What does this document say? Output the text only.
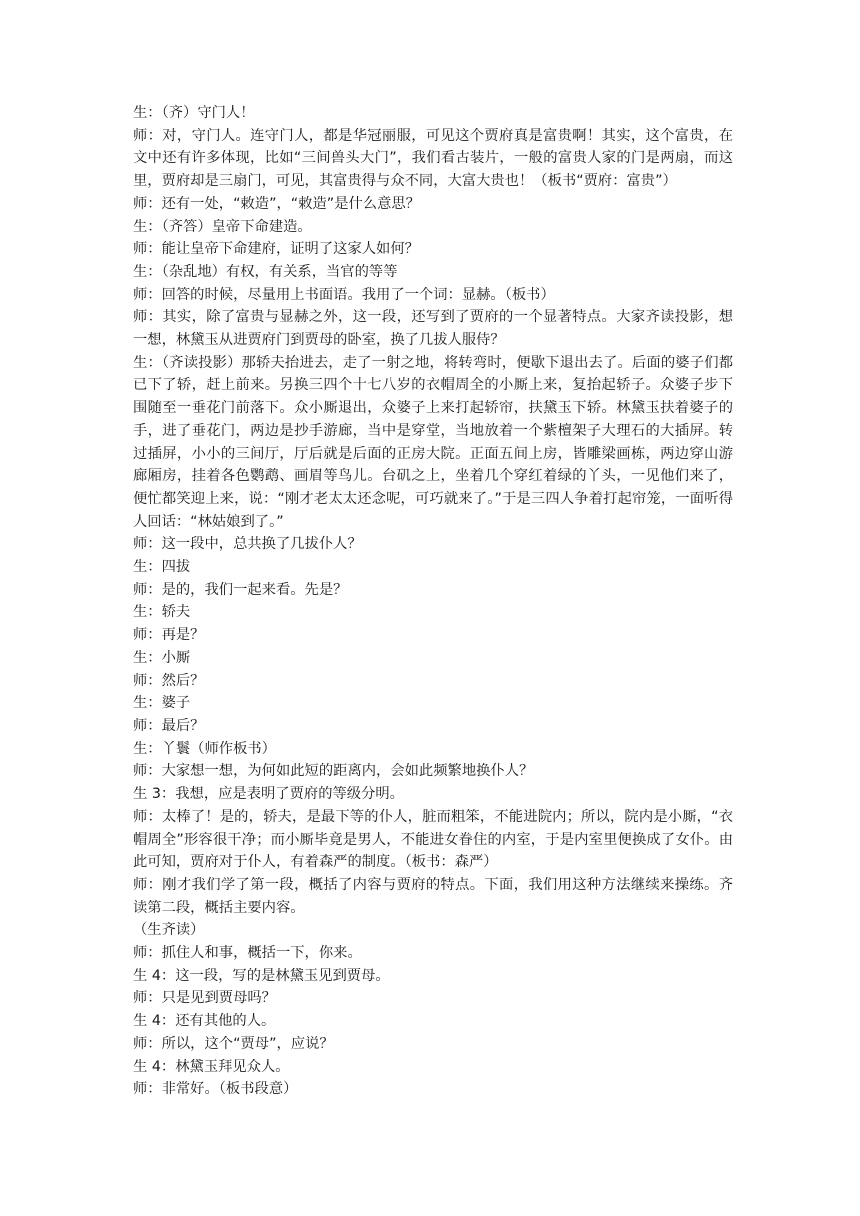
生：（齐）守门人！

师：对，守门人。连守门人，都是华冠丽服，可见这个贾府真是富贵啊！其实，这个富贵，在文中还有许多体现，比如“三间兽头大门”，我们看古装片，一般的富贵人家的门是两扇，而这里，贾府却是三扇门，可见，其富贵得与众不同，大富大贵也！（板书“贾府：富贵”）

师：还有一处，“敕造”，“敕造”是什么意思？

生：（齐答）皇帝下命建造。

师：能让皇帝下命建府，证明了这家人如何？

生：（杂乱地）有权，有关系，当官的等等

师：回答的时候，尽量用上书面语。我用了一个词：显赫。（板书）

师：其实，除了富贵与显赫之外，这一段，还写到了贾府的一个显著特点。大家齐读投影，想一想，林黛玉从进贾府门到贾母的卧室，换了几拔人服侍？

生：（齐读投影）那轿夫抬进去，走了一射之地，将转弯时，便歇下退出去了。后面的婆子们都已下了轿，赶上前来。另换三四个十七八岁的衣帽周全的小厮上来，复抬起轿子。众婆子步下围随至一垂花门前落下。众小厮退出，众婆子上来打起轿帘，扶黛玉下轿。林黛玉扶着婆子的手，进了垂花门，两边是抄手游廊，当中是穿堂，当地放着一个紫檀架子大理石的大插屏。转过插屏，小小的三间厅，厅后就是后面的正房大院。正面五间上房，皆雕梁画栋，两边穿山游廊厢房，挂着各色鹦鹉、画眉等鸟儿。台矶之上，坐着几个穿红着绿的丫头，一见他们来了，便忙都笑迎上来，说：“刚才老太太还念呢，可巧就来了。”于是三四人争着打起帘笼，一面听得人回话：“林姑娘到了。”

师：这一段中，总共换了几拔仆人？

生：四拔

师：是的，我们一起来看。先是？

生：轿夫

师：再是？

生：小厮

师：然后？

生：婆子

师：最后？

生：丫鬟（师作板书）

师：大家想一想，为何如此短的距离内，会如此频繁地换仆人？

生 3：我想，应是表明了贾府的等级分明。

师：太棒了！是的，轿夫，是最下等的仆人，脏而粗笨，不能进院内；所以，院内是小厮，“衣帽周全”形容很干净；而小厮毕竟是男人，不能进女眷住的内室，于是内室里便换成了女仆。由此可知，贾府对于仆人，有着森严的制度。（板书：森严）

师：刚才我们学了第一段，概括了内容与贾府的特点。下面，我们用这种方法继续来操练。齐读第二段，概括主要内容。

（生齐读）

师：抓住人和事，概括一下，你来。

生 4：这一段，写的是林黛玉见到贾母。

师：只是见到贾母吗？

生 4：还有其他的人。

师：所以，这个“贾母”，应说？

生 4：林黛玉拜见众人。

师：非常好。（板书段意）
